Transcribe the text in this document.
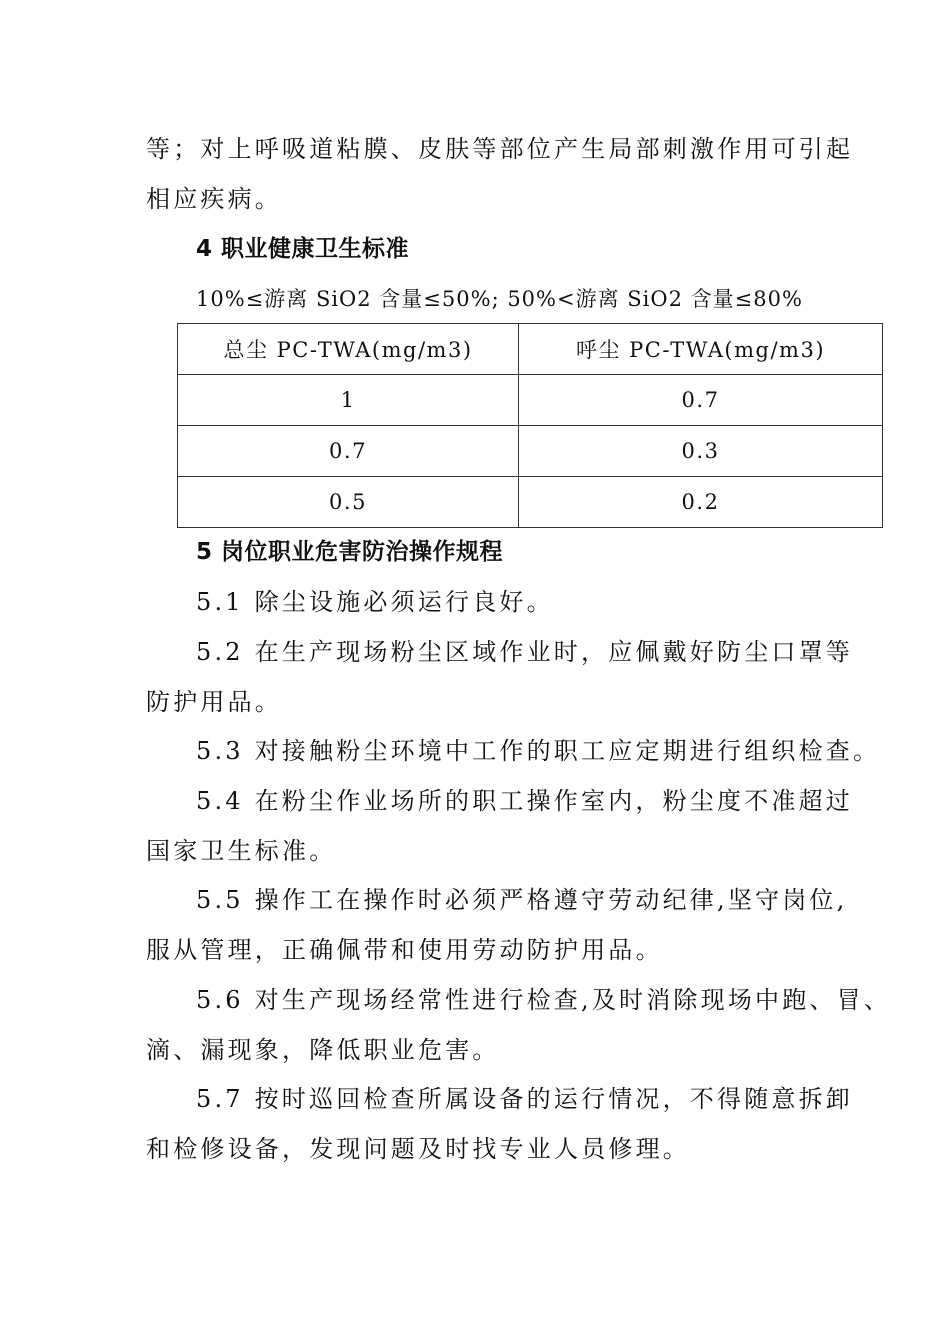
等；对上呼吸道粘膜、皮肤等部位产生局部刺激作用可引起
相应疾病。
4 职业健康卫生标准
10%≤游离 SiO2 含量≤50%; 50%<游离 SiO2 含量≤80%
总尘 PC-TWA(mg/m3)	呼尘 PC-TWA(mg/m3)
1	0.7
0.7	0.3
0.5	0.2
5 岗位职业危害防治操作规程
5.1 除尘设施必须运行良好。
5.2 在生产现场粉尘区域作业时，应佩戴好防尘口罩等
防护用品。
5.3 对接触粉尘环境中工作的职工应定期进行组织检查。
5.4 在粉尘作业场所的职工操作室内，粉尘度不准超过
国家卫生标准。
5.5 操作工在操作时必须严格遵守劳动纪律,坚守岗位,
服从管理，正确佩带和使用劳动防护用品。
5.6 对生产现场经常性进行检查,及时消除现场中跑、冒、
滴、漏现象，降低职业危害。
5.7 按时巡回检查所属设备的运行情况，不得随意拆卸
和检修设备，发现问题及时找专业人员修理。
